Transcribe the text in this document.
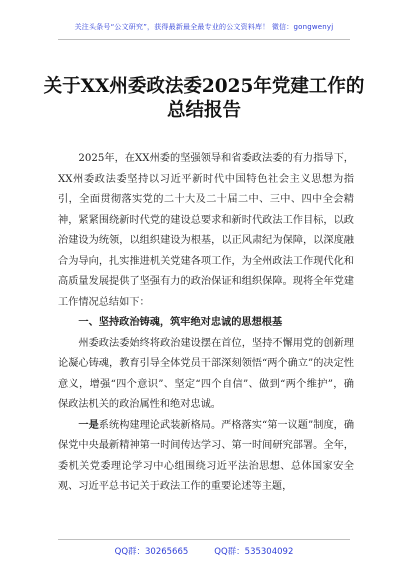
关注头条号“公文研究”，获得最新最全最专业的公文资料库！ 微信：gongwenyj
关于XX州委政法委2025年党建工作的
总结报告

2025年，在XX州委的坚强领导和省委政法委的有力指导下，XX州委政法委坚持以习近平新时代中国特色社会主义思想为指引，全面贯彻落实党的二十大及二十届二中、三中、四中全会精神，紧紧围绕新时代党的建设总要求和新时代政法工作目标，以政治建设为统领，以组织建设为根基，以正风肃纪为保障，以深度融合为导向，扎实推进机关党建各项工作，为全州政法工作现代化和高质量发展提供了坚强有力的政治保证和组织保障。现将全年党建工作情况总结如下：

一、坚持政治铸魂，筑牢绝对忠诚的思想根基

州委政法委始终将政治建设摆在首位，坚持不懈用党的创新理论凝心铸魂，教育引导全体党员干部深刻领悟“两个确立”的决定性意义，增强“四个意识”、坚定“四个自信”、做到“两个维护”，确保政法机关的政治属性和绝对忠诚。

一是系统构建理论武装新格局。严格落实“第一议题”制度，确保党中央最新精神第一时间传达学习、第一时间研究部署。全年，委机关党委理论学习中心组围绕习近平法治思想、总体国家安全观、习近平总书记关于政法工作的重要论述等主题，

QQ群：30265665	QQ群：535304092
